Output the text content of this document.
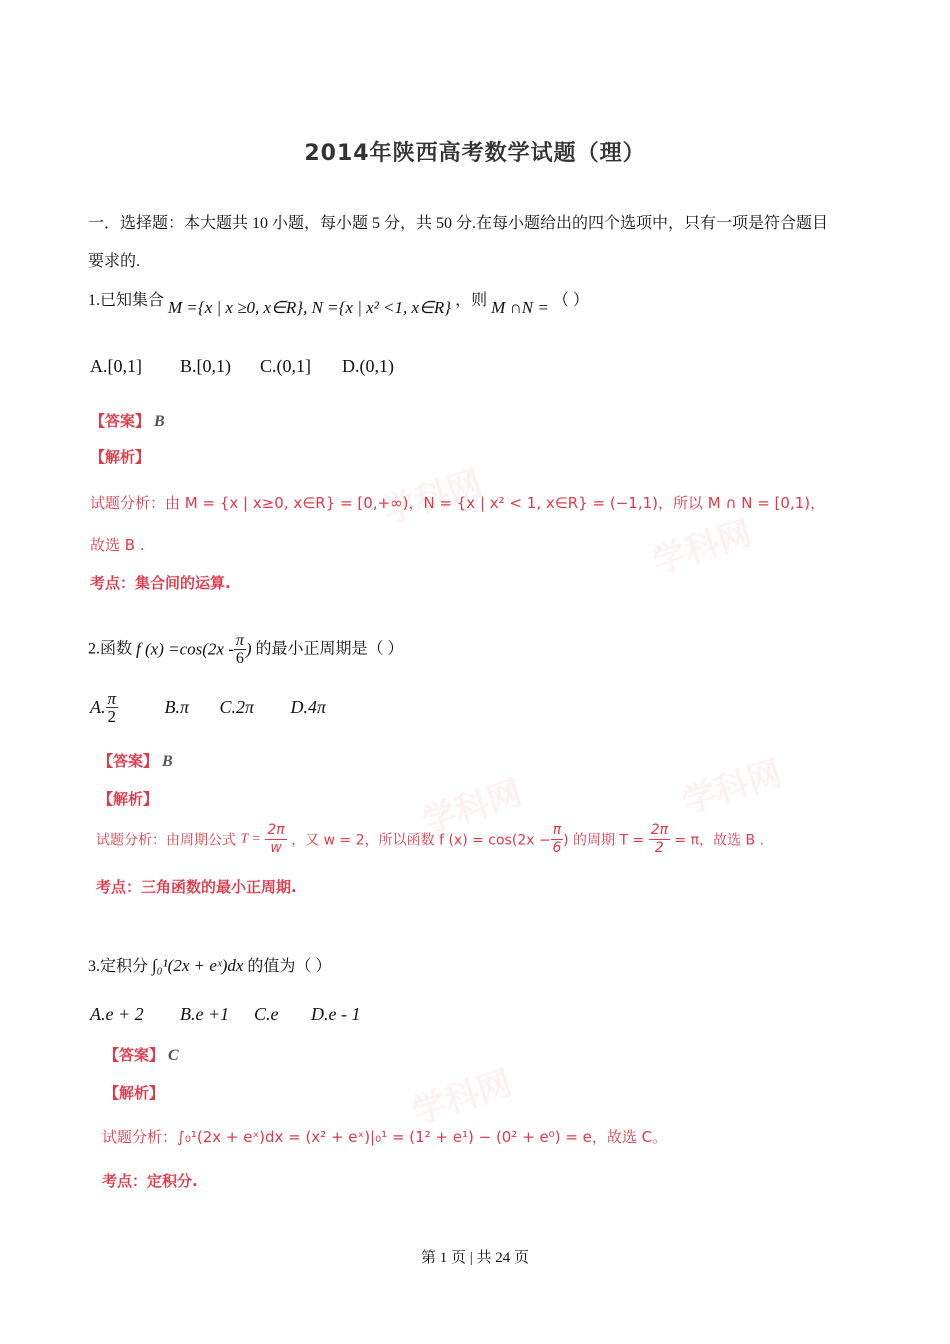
学科网
学科网
学科网	学科网
学科网
2014年陕西高考数学试题（理）
一．选择题：本大题共 10 小题，每小题 5 分，共 50 分.在每小题给出的四个选项中，只有一项是符合题目
要求的.
1.已知集合 M ={x | x ≥0, x∈R}, N ={x | x² <1, x∈R} ，则 M ∩N = （ ）
A.[0,1] B.[0,1) C.(0,1] D.(0,1)
【答案】 B
【解析】
试题分析：由 M = {x | x≥0, x∈R} = [0,+∞)，N = {x | x² < 1, x∈R} = (−1,1)，所以 M ∩ N = [0,1)，
故选 B .
考点：集合间的运算.
2.函数 f $(x) =\cos(2x - \frac{\pi}{6}$ ) 的最小正周期是（ ）
A. $\frac{\pi}{2}$	B.π C.2π D.4π
【答案】 B
【解析】
试题分析：由周期公式 $T = \frac{2\pi}{w}$ ，又 w = 2，所以函数 f $(x) = \cos(2x - \frac{\pi}{6}$ ) 的周期 $T = \frac{2\pi}{2} = \pi$，故选 B .
考点：三角函数的最小正周期.
3.定积分 ∫₀¹(2x + eˣ)dx 的值为（ ）
A.e + 2 B.e +1 C.e D.e - 1
【答案】 C
【解析】
试题分析：∫₀¹(2x + eˣ)dx = (x² + eˣ)|₀¹ = (1² + e¹) − (0² + e⁰) = e，故选 C。
考点：定积分.
第 1 页 | 共 24 页
